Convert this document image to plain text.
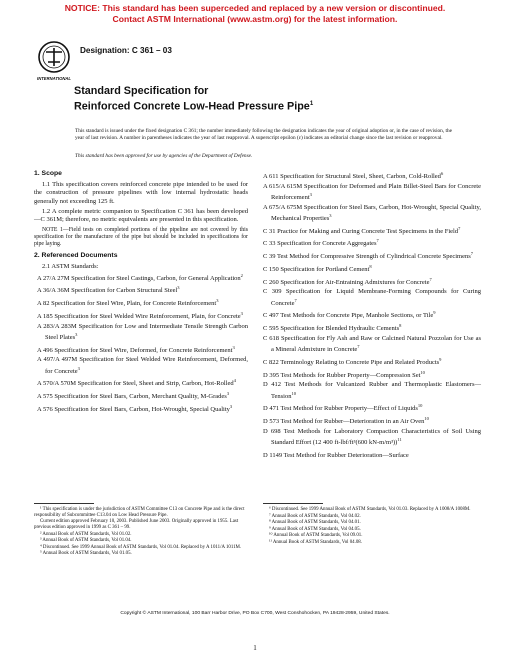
NOTICE: This standard has been superceded and replaced by a new version or discontinued.
Contact ASTM International (www.astm.org) for the latest information.
INTERNATIONAL
Designation: C 361 – 03
Standard Specification for
Reinforced Concrete Low-Head Pressure Pipe$^1$
This standard is issued under the fixed designation C 361; the number immediately following the designation indicates the year of original adoption or, in the case of revision, the year of last revision. A number in parentheses indicates the year of last reapproval. A superscript epsilon (ε) indicates an editorial change since the last revision or reapproval.
This standard has been approved for use by agencies of the Department of Defense.
1. Scope

1.1 This specification covers reinforced concrete pipe intended to be used for the construction of pressure pipelines with low internal hydrostatic heads generally not exceeding 125 ft.

1.2 A complete metric companion to Specification C 361 has been developed—C 361M; therefore, no metric equivalents are presented in this specification.

NOTE 1—Field tests on completed portions of the pipeline are not covered by this specification for the manufacture of the pipe but should be included in specifications for pipe laying.
2. Referenced Documents
2.1 ASTM Standards:
A 27/A 27M Specification for Steel Castings, Carbon, for General Application$^2$
A 36/A 36M Specification for Carbon Structural Steel$^3$
A 82 Specification for Steel Wire, Plain, for Concrete Reinforcement$^3$
A 185 Specification for Steel Welded Wire Reinforcement, Plain, for Concrete$^3$
A 283/A 283M Specification for Low and Intermediate Tensile Strength Carbon Steel Plates$^3$
A 496 Specification for Steel Wire, Deformed, for Concrete Reinforcement$^3$
A 497/A 497M Specification for Steel Welded Wire Reinforcement, Deformed, for Concrete$^3$
A 570/A 570M Specification for Steel, Sheet and Strip, Carbon, Hot-Rolled$^4$
A 575 Specification for Steel Bars, Carbon, Merchant Quality, M-Grades$^3$
A 576 Specification for Steel Bars, Carbon, Hot-Wrought, Special Quality$^3$
A 611 Specification for Structural Steel, Sheet, Carbon, Cold-Rolled$^6$
A 615/A 615M Specification for Deformed and Plain Billet-Steel Bars for Concrete Reinforcement$^3$
A 675/A 675M Specification for Steel Bars, Carbon, Hot-Wrought, Special Quality, Mechanical Properties$^3$
C 31 Practice for Making and Curing Concrete Test Specimens in the Field$^7$
C 33 Specification for Concrete Aggregates$^7$
C 39 Test Method for Compressive Strength of Cylindrical Concrete Specimens$^7$
C 150 Specification for Portland Cement$^8$
C 260 Specification for Air-Entraining Admixtures for Concrete$^7$
C 309 Specification for Liquid Membrane-Forming Compounds for Curing Concrete$^7$
C 497 Test Methods for Concrete Pipe, Manhole Sections, or Tile$^9$
C 595 Specification for Blended Hydraulic Cements$^8$
C 618 Specification for Fly Ash and Raw or Calcined Natural Pozzolan for Use as a Mineral Admixture in Concrete$^7$
C 822 Terminology Relating to Concrete Pipe and Related Products$^9$
D 395 Test Methods for Rubber Property—Compression Set$^{10}$
D 412 Test Methods for Vulcanized Rubber and Thermoplastic Elastomers—Tension$^{10}$
D 471 Test Method for Rubber Property—Effect of Liquids$^{10}$
D 573 Test Method for Rubber—Deterioration in an Air Oven$^{10}$
D 698 Test Methods for Laboratory Compaction Characteristics of Soil Using Standard Effort (12 400 ft-lbf/ft³(600 kN-m/m³))$^{11}$
D 1149 Test Method for Rubber Deterioration—Surface
¹ This specification is under the jurisdiction of ASTM Committee C13 on Concrete Pipe and is the direct responsibility of Subcommittee C13.04 on Low Head Pressure Pipe.
Current edition approved February 10, 2003. Published June 2003. Originally approved in 1955. Last previous edition approved in 1999 as C 361 – 99.
² Annual Book of ASTM Standards, Vol 01.02.
³ Annual Book of ASTM Standards, Vol 01.04.
⁴ Discontinued. See 1999 Annual Book of ASTM Standards, Vol 01.04. Replaced by A 1011/A 1011M.
⁵ Annual Book of ASTM Standards, Vol 01.05.
⁶ Discontinued. See 1999 Annual Book of ASTM Standards, Vol 01.03. Replaced by A 1008/A 1008M.
⁷ Annual Book of ASTM Standards, Vol 04.02.
⁸ Annual Book of ASTM Standards, Vol 04.01.
⁹ Annual Book of ASTM Standards, Vol 04.05.
¹⁰ Annual Book of ASTM Standards, Vol 09.01.
¹¹ Annual Book of ASTM Standards, Vol 04.08.
Copyright © ASTM International, 100 Barr Harbor Drive, PO Box C700, West Conshohocken, PA 19428-2959, United States.
1
